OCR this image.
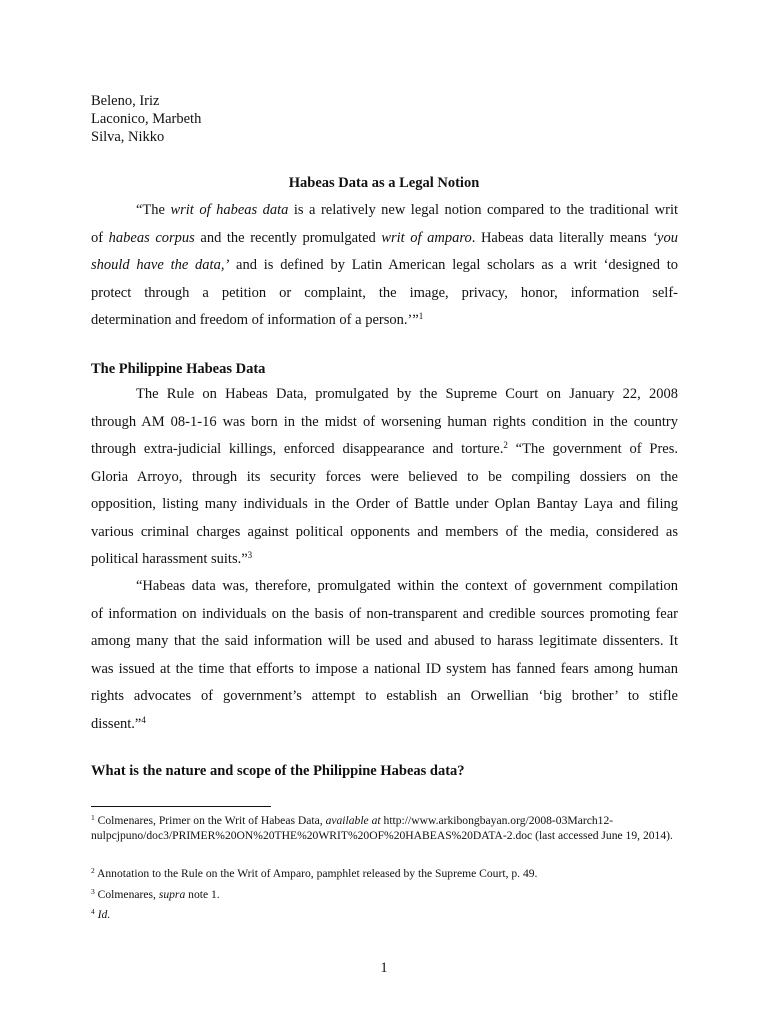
Beleno, Iriz
Laconico, Marbeth
Silva, Nikko
Habeas Data as a Legal Notion
“The writ of habeas data is a relatively new legal notion compared to the traditional writ
of habeas corpus and the recently promulgated writ of amparo. Habeas data literally means ‘you
should have the data,’ and is defined by Latin American legal scholars as a writ ‘designed to
protect through a petition or complaint, the image, privacy, honor, information self-
determination and freedom of information of a person.’”$^1$
The Philippine Habeas Data
The Rule on Habeas Data, promulgated by the Supreme Court on January 22, 2008
through AM 08-1-16 was born in the midst of worsening human rights condition in the country
through extra-judicial killings, enforced disappearance and torture.$^2$ “The government of Pres.
Gloria Arroyo, through its security forces were believed to be compiling dossiers on the
opposition, listing many individuals in the Order of Battle under Oplan Bantay Laya and filing
various criminal charges against political opponents and members of the media, considered as
political harassment suits.”$^3$
“Habeas data was, therefore, promulgated within the context of government compilation
of information on individuals on the basis of non-transparent and credible sources promoting fear
among many that the said information will be used and abused to harass legitimate dissenters. It
was issued at the time that efforts to impose a national ID system has fanned fears among human
rights advocates of government’s attempt to establish an Orwellian ‘big brother’ to stifle
dissent.”$^4$
What is the nature and scope of the Philippine Habeas data?
$^1$ Colmenares, Primer on the Writ of Habeas Data, available at http://www.arkibongbayan.org/2008-03March12-nulpcjpuno/doc3/PRIMER%20ON%20THE%20WRIT%20OF%20HABEAS%20DATA-2.doc (last accessed June 19, 2014).
$^2$ Annotation to the Rule on the Writ of Amparo, pamphlet released by the Supreme Court, p. 49.
$^3$ Colmenares, supra note 1.
$^4$ Id.
1
